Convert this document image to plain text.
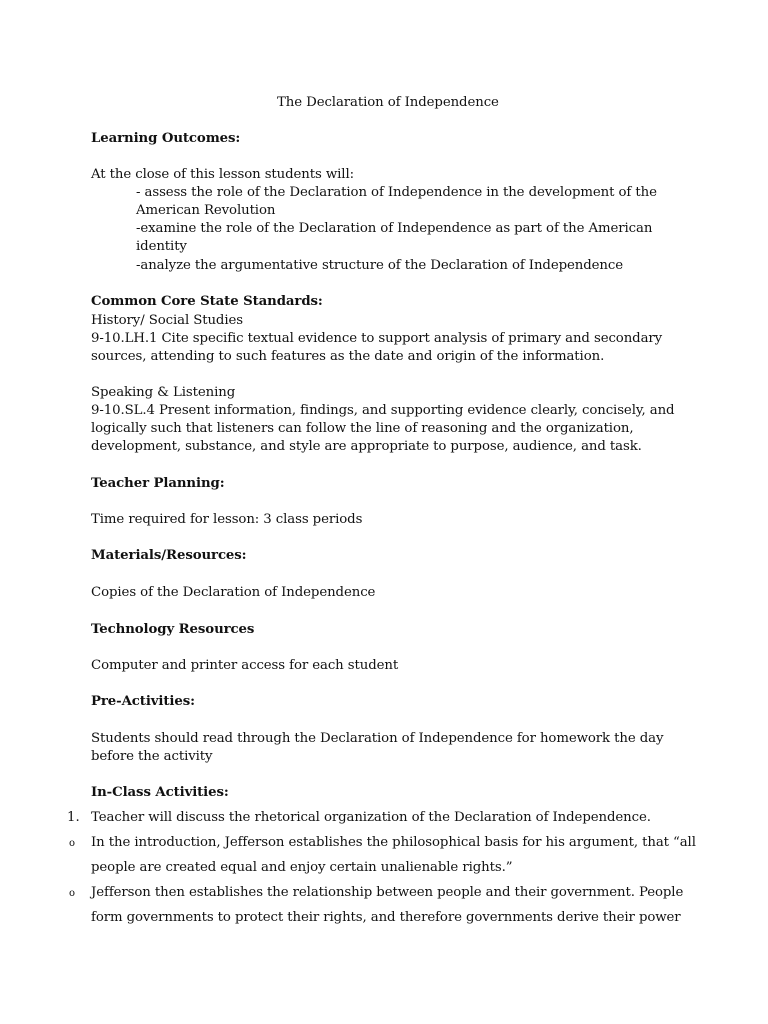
The Declaration of Independence
Learning Outcomes:
At the close of this lesson students will:
- assess the role of the Declaration of Independence in the development of the
American Revolution
-examine the role of the Declaration of Independence as part of the American
identity
-analyze the argumentative structure of the Declaration of Independence
Common Core State Standards:
History/ Social Studies
9-10.LH.1 Cite specific textual evidence to support analysis of primary and secondary
sources, attending to such features as the date and origin of the information.
Speaking & Listening
9-10.SL.4 Present information, findings, and supporting evidence clearly, concisely, and
logically such that listeners can follow the line of reasoning and the organization,
development, substance, and style are appropriate to purpose, audience, and task.
Teacher Planning:
Time required for lesson: 3 class periods
Materials/Resources:
Copies of the Declaration of Independence
Technology Resources
Computer and printer access for each student
Pre-Activities:
Students should read through the Declaration of Independence for homework the day
before the activity
In-Class Activities:
1. Teacher will discuss the rhetorical organization of the Declaration of Independence.
o In the introduction, Jefferson establishes the philosophical basis for his argument, that “all
people are created equal and enjoy certain unalienable rights.”
o Jefferson then establishes the relationship between people and their government. People
form governments to protect their rights, and therefore governments derive their power
